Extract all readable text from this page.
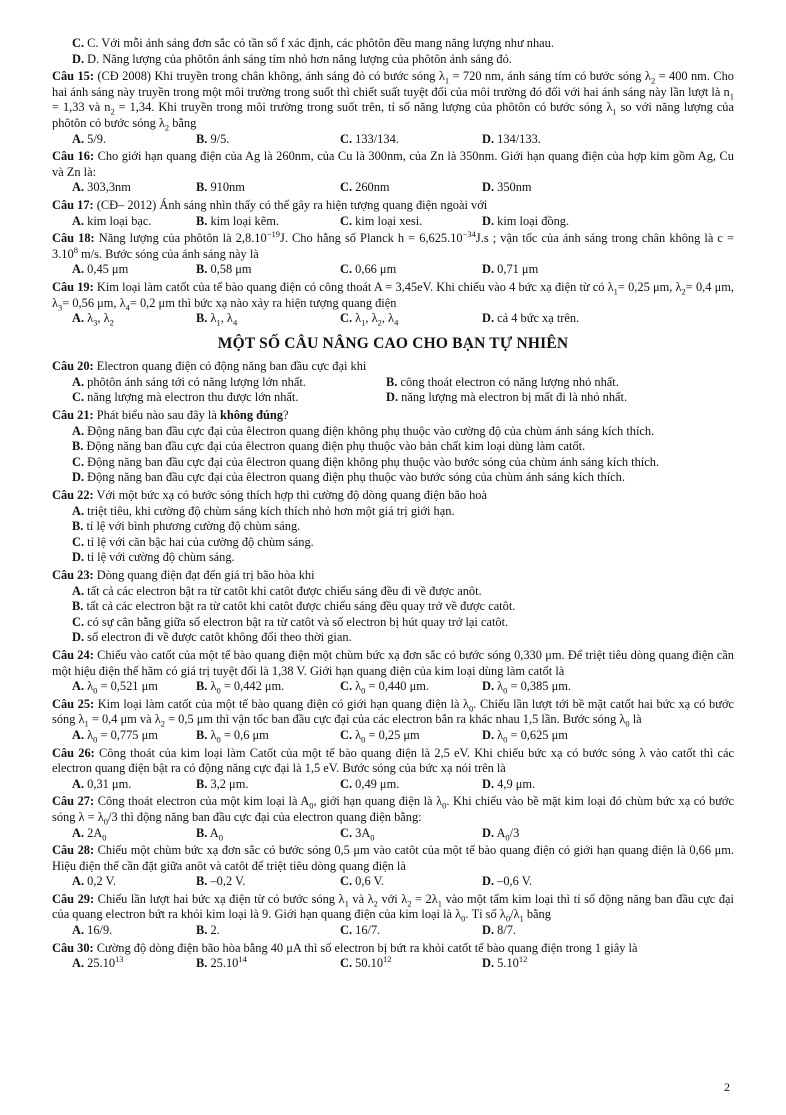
C. C. Với mỗi ánh sáng đơn sắc có tần số f xác định, các phôtôn đều mang năng lượng như nhau.

D. D. Năng lượng của phôtôn ánh sáng tím nhỏ hơn năng lượng của phôtôn ánh sáng đỏ.

Câu 15: (CĐ 2008) Khi truyền trong chân không, ánh sáng đỏ có bước sóng $\lambda_1 = 720$ nm, ánh sáng tím có bước sóng $\lambda_2 = 400$ nm. Cho hai ánh sáng này truyền trong một môi trường trong suốt thì chiết suất tuyệt đối của môi trường đó đối với hai ánh sáng này lần lượt là $n_1 = 1,33$ và $n_2 = 1,34$. Khi truyền trong môi trường trong suốt trên, tỉ số năng lượng của phôtôn có bước sóng $\lambda_1$ so với năng lượng của phôtôn có bước sóng $\lambda_2$ bằng

A. 5/9.	B. 9/5.	C. 133/134.	D. 134/133.

Câu 16: Cho giới hạn quang điện của Ag là 260nm, của Cu là 300nm, của Zn là 350nm. Giới hạn quang điện của hợp kim gồm Ag, Cu và Zn là:

A. 303,3nm	B. 910nm	C. 260nm	D. 350nm

Câu 17: (CĐ– 2012) Ánh sáng nhìn thấy có thể gây ra hiện tượng quang điện ngoài với

A. kim loại bạc.	B. kim loại kẽm.	C. kim loại xesi.	D. kim loại đồng.

Câu 18: Năng lượng của phôtôn là $2,8.10^{-19}J$. Cho hằng số Planck $h = 6,625.10^{-34}J.s$ ; vận tốc của ánh sáng trong chân không là $c = 3.10^8$ m/s. Bước sóng của ánh sáng này là

A. 0,45 μm	B. 0,58 μm	C. 0,66 μm	D. 0,71 μm

Câu 19: Kim loại làm catốt của tế bào quang điện có công thoát A = 3,45eV. Khi chiếu vào 4 bức xạ điện từ có $\lambda_1= 0,25$ μm, $\lambda_2= 0,4$ μm, $\lambda_3= 0,56$ μm, $\lambda_4= 0,2$ μm thì bức xạ nào xảy ra hiện tượng quang điện

A. $\lambda_3$, $\lambda_2$	B. $\lambda_1$, $\lambda_4$	C. $\lambda_1$, $\lambda_2$, $\lambda_4$	D. cả 4 bức xạ trên.
MỘT SỐ CÂU NÂNG CAO CHO BẠN TỰ NHIÊN

Câu 20: Electron quang điện có động năng ban đầu cực đại khi

A. phôtôn ánh sáng tới có năng lượng lớn nhất.	B. công thoát electron có năng lượng nhỏ nhất.
C. năng lượng mà electron thu được lớn nhất.	D. năng lượng mà electron bị mất đi là nhỏ nhất.

Câu 21: Phát biểu nào sau đây là không đúng?

A. Động năng ban đầu cực đại của êlectron quang điện không phụ thuộc vào cường độ của chùm ánh sáng kích thích.

B. Động năng ban đầu cực đại của êlectron quang điện phụ thuộc vào bản chất kim loại dùng làm catốt.

C. Động năng ban đầu cực đại của êlectron quang điện không phụ thuộc vào bước sóng của chùm ánh sáng kích thích.

D. Động năng ban đầu cực đại của êlectron quang điện phụ thuộc vào bước sóng của chùm ánh sáng kích thích.

Câu 22: Với một bức xạ có bước sóng thích hợp thì cường độ dòng quang điện bão hoà

A. triệt tiêu, khi cường độ chùm sáng kích thích nhỏ hơn một giá trị giới hạn.

B. tỉ lệ với bình phương cường độ chùm sáng.

C. tỉ lệ với căn bậc hai của cường độ chùm sáng.

D. tỉ lệ với cường độ chùm sáng.

Câu 23: Dòng quang điện đạt đến giá trị bão hòa khi

A. tất cả các electron bật ra từ catôt khi catôt được chiếu sáng đều đi về được anôt.

B. tất cả các electron bật ra từ catôt khi catôt được chiếu sáng đều quay trở về được catôt.

C. có sự cân bằng giữa số electron bật ra từ catôt và số electron bị hút quay trở lại catôt.

D. số electron đi về được catôt không đổi theo thời gian.

Câu 24: Chiếu vào catốt của một tế bào quang điện một chùm bức xạ đơn sắc có bước sóng 0,330 μm. Để triệt tiêu dòng quang điện cần một hiệu điện thế hãm có giá trị tuyệt đối là 1,38 V. Giới hạn quang điện của kim loại dùng làm catốt là

A. $\lambda_0 = 0,521$ μm	B. $\lambda_0 = 0,442$ μm.	C. $\lambda_0 = 0,440$ μm.	D. $\lambda_0 = 0,385$ μm.

Câu 25: Kim loại làm catốt của một tế bào quang điện có giới hạn quang điện là $\lambda_0$. Chiếu lần lượt tới bề mặt catốt hai bức xạ có bước sóng $\lambda_1 = 0,4$ μm và $\lambda_2 = 0,5$ μm thì vận tốc ban đầu cực đại của các electron bắn ra khác nhau 1,5 lần. Bước sóng $\lambda_0$ là

A. $\lambda_0 = 0,775$ μm	B. $\lambda_0 = 0,6$ μm	C. $\lambda_0 = 0,25$ μm	D. $\lambda_0 = 0,625$ μm

Câu 26: Công thoát của kim loại làm Catốt của một tế bào quang điện là 2,5 eV. Khi chiếu bức xạ có bước sóng λ vào catốt thì các electron quang điện bật ra có động năng cực đại là 1,5 eV. Bước sóng của bức xạ nói trên là

A. 0,31 μm.	B. 3,2 μm.	C. 0,49 μm.	D. 4,9 μm.

Câu 27: Công thoát electron của một kim loại là $A_0$, giới hạn quang điện là $\lambda_0$. Khi chiếu vào bề mặt kim loại đó chùm bức xạ có bước sóng $\lambda = \lambda_0/3$ thì động năng ban đầu cực đại của electron quang điện bằng:

A. $2A_0$	B. $A_0$	C. $3A_0$	D. $A_0/3$

Câu 28: Chiếu một chùm bức xạ đơn sắc có bước sóng 0,5 μm vào catôt của một tế bào quang điện có giới hạn quang điện là 0,66 μm. Hiệu điện thế cần đặt giữa anôt và catôt để triệt tiêu dòng quang điện là

A. 0,2 V.	B. –0,2 V.	C. 0,6 V.	D. –0,6 V.

Câu 29: Chiếu lần lượt hai bức xạ điện từ có bước sóng $\lambda_1$ và $\lambda_2$ với $\lambda_2 = 2\lambda_1$ vào một tấm kim loại thì tỉ số động năng ban đầu cực đại của quang electron bứt ra khỏi kim loại là 9. Giới hạn quang điện của kim loại là $\lambda_0$. Tỉ số $\lambda_0/\lambda_1$ bằng

A. 16/9.	B. 2.	C. 16/7.	D. 8/7.

Câu 30: Cường độ dòng điện bão hòa bằng 40 μA thì số electron bị bứt ra khỏi catốt tế bào quang điện trong 1 giây là

A. 25.10$^{13}$	B. 25.10$^{14}$	C. 50.10$^{12}$	D. 5.10$^{12}$
2
